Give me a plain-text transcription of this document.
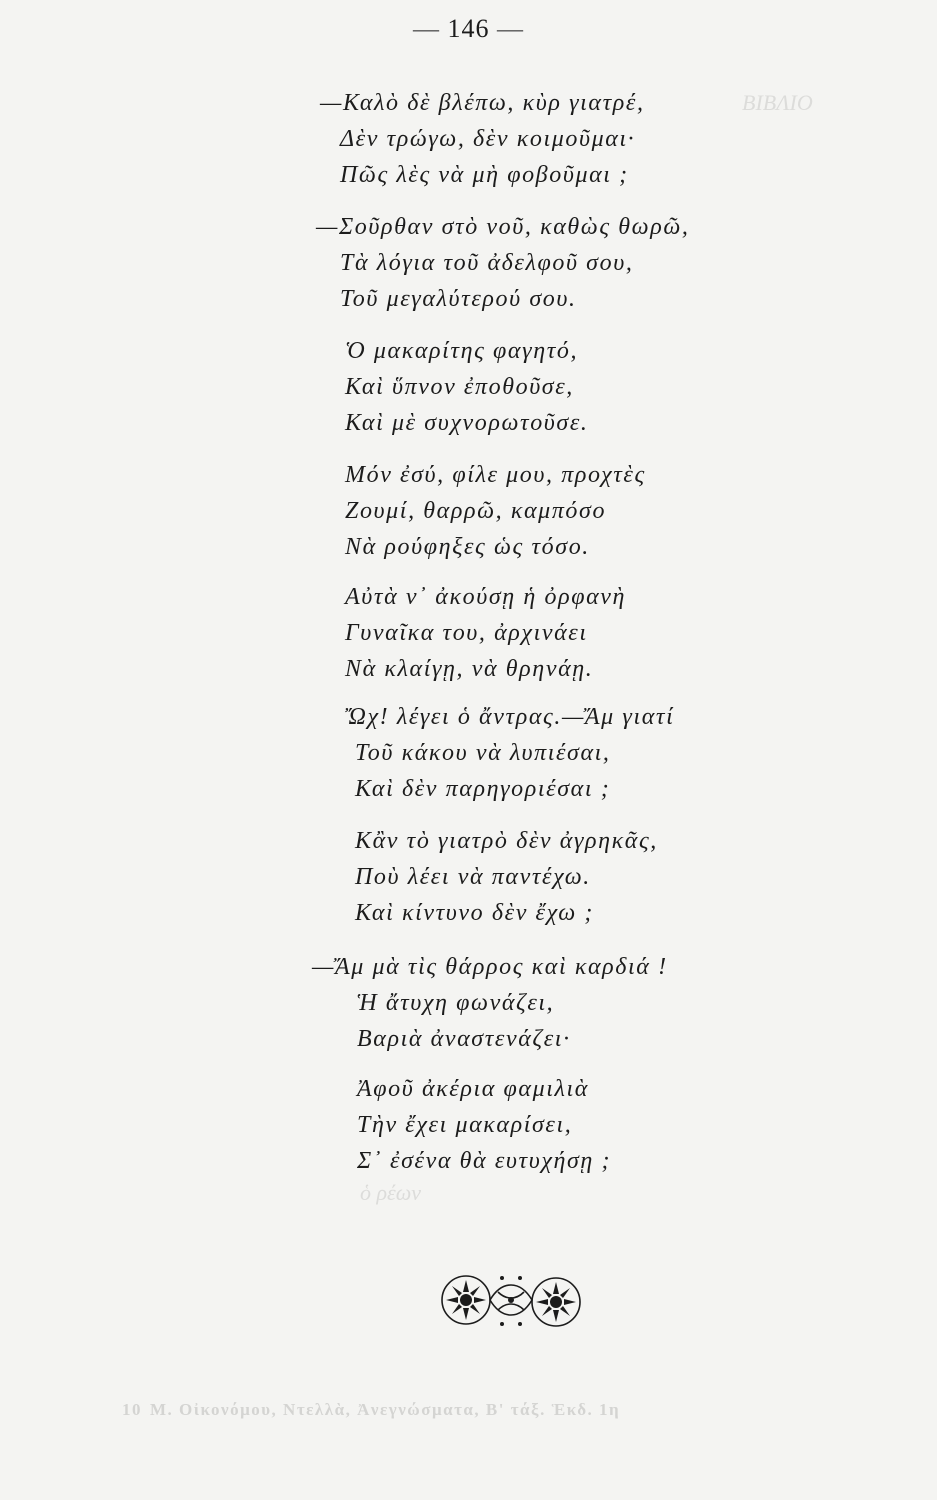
— 146 —
ΒΙΒΛΙΟ
ὁ ρέων
—Καλὸ δὲ βλέπω, κὺρ γιατρέ,
Δὲν τρώγω, δὲν κοιμοῦμαι·
Πῶς λὲς νὰ μὴ φοβοῦμαι ;
—Σοῦρθαν στὸ νοῦ, καθὼς θωρῶ,
Τὰ λόγια τοῦ ἀδελφοῦ σου,
Τοῦ μεγαλύτερού σου.
Ὁ μακαρίτης φαγητό,
Καὶ ὕπνον ἐποθοῦσε,
Καὶ μὲ συχνορωτοῦσε.
Μόν ἐσύ, φίλε μου, προχτὲς
Ζουμί, θαρρῶ, καμπόσο
Νὰ ρούφηξες ὡς τόσο.
Αὐτὰ ν᾿ ἀκούσῃ ἡ ὀρφανὴ
Γυναῖκα του, ἀρχινάει
Νὰ κλαίγῃ, νὰ θρηνάῃ.
Ὤχ! λέγει ὁ ἄντρας.—Ἄμ γιατί
Τοῦ κάκου νὰ λυπιέσαι,
Καὶ δὲν παρηγοριέσαι ;
Κἂν τὸ γιατρὸ δὲν ἀγρηκᾶς,
Ποὺ λέει νὰ παντέχω.
Καὶ κίντυνο δὲν ἔχω ;
—Ἄμ μὰ τὶς θάρρος καὶ καρδιά !
Ἡ ἄτυχη φωνάζει,
Βαριὰ ἀναστενάζει·
Ἀφοῦ ἀκέρια φαμιλιὰ
Τὴν ἔχει μακαρίσει,
Σ᾿ ἐσένα θὰ ευτυχήσῃ ;
10 Μ. Οἰκονόμου, Ντελλὰ, Ἀνεγνώσματα, Β' τάξ. Ἑκδ. 1η
